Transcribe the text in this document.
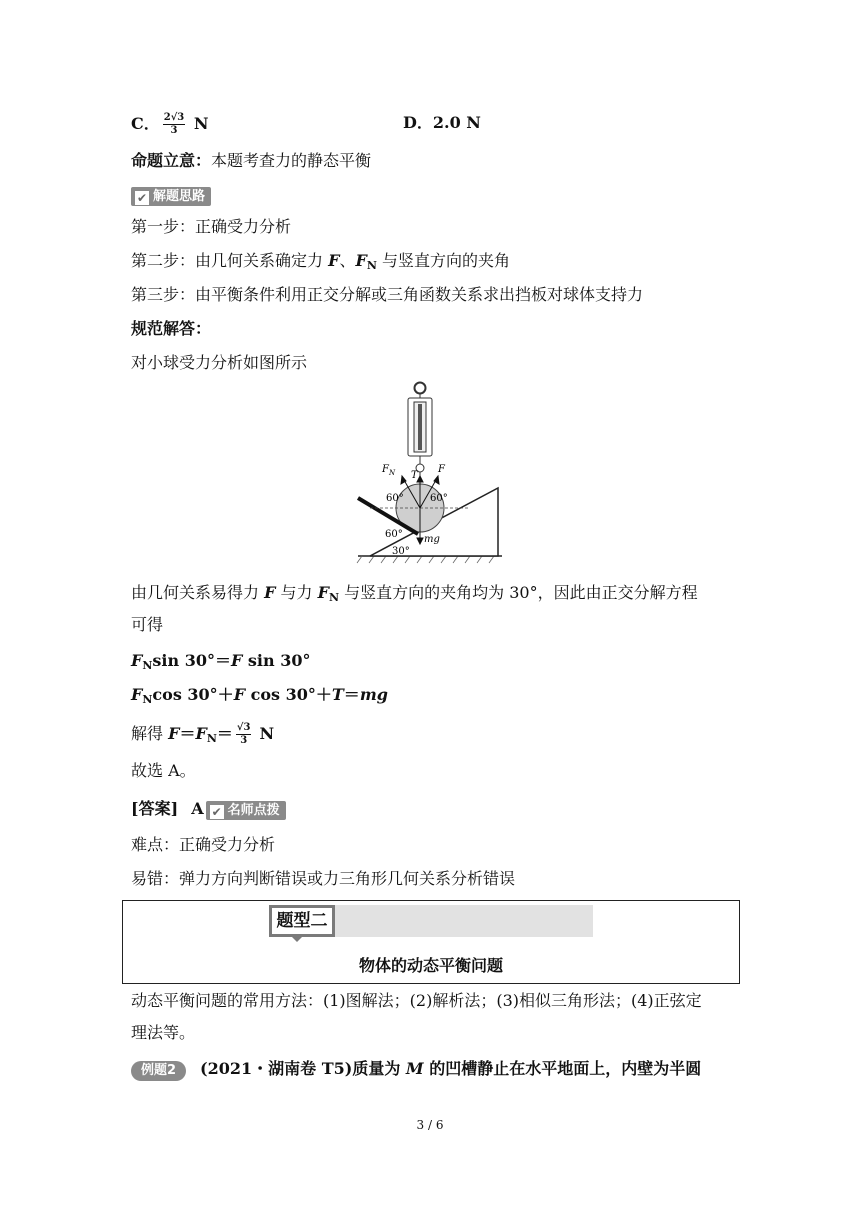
C． $\frac{2√3}{3}$ N	D．2.0 N
命题立意：本题考查力的静态平衡
✔ 解题思路
第一步：正确受力分析
第二步：由几何关系确定力 F、$F_N$ 与竖直方向的夹角
第三步：由平衡条件利用正交分解或三角函数关系求出挡板对球体支持力
规范解答：
对小球受力分析如图所示
$F_N$ T
F
60°	60°
60°
30°
mg
由几何关系易得力 F 与力 $F_N$ 与竖直方向的夹角均为 30°，因此由正交分解方程
可得
$F_N\sin$ 30°＝F sin 30°
$F_N\cos$ 30°＋F cos 30°＋T＝mg
解得 $F=F_N= \frac{√3}{3}$ N
故选 A。
[答案] A ✔ 名师点拨
难点：正确受力分析
易错：弹力方向判断错误或力三角形几何关系分析错误
题型二
物体的动态平衡问题
动态平衡问题的常用方法：(1)图解法；(2)解析法；(3)相似三角形法；(4)正弦定
理法等。
例题2 (2021・湖南卷 T5)质量为 M 的凹槽静止在水平地面上，内壁为半圆
3 / 6
